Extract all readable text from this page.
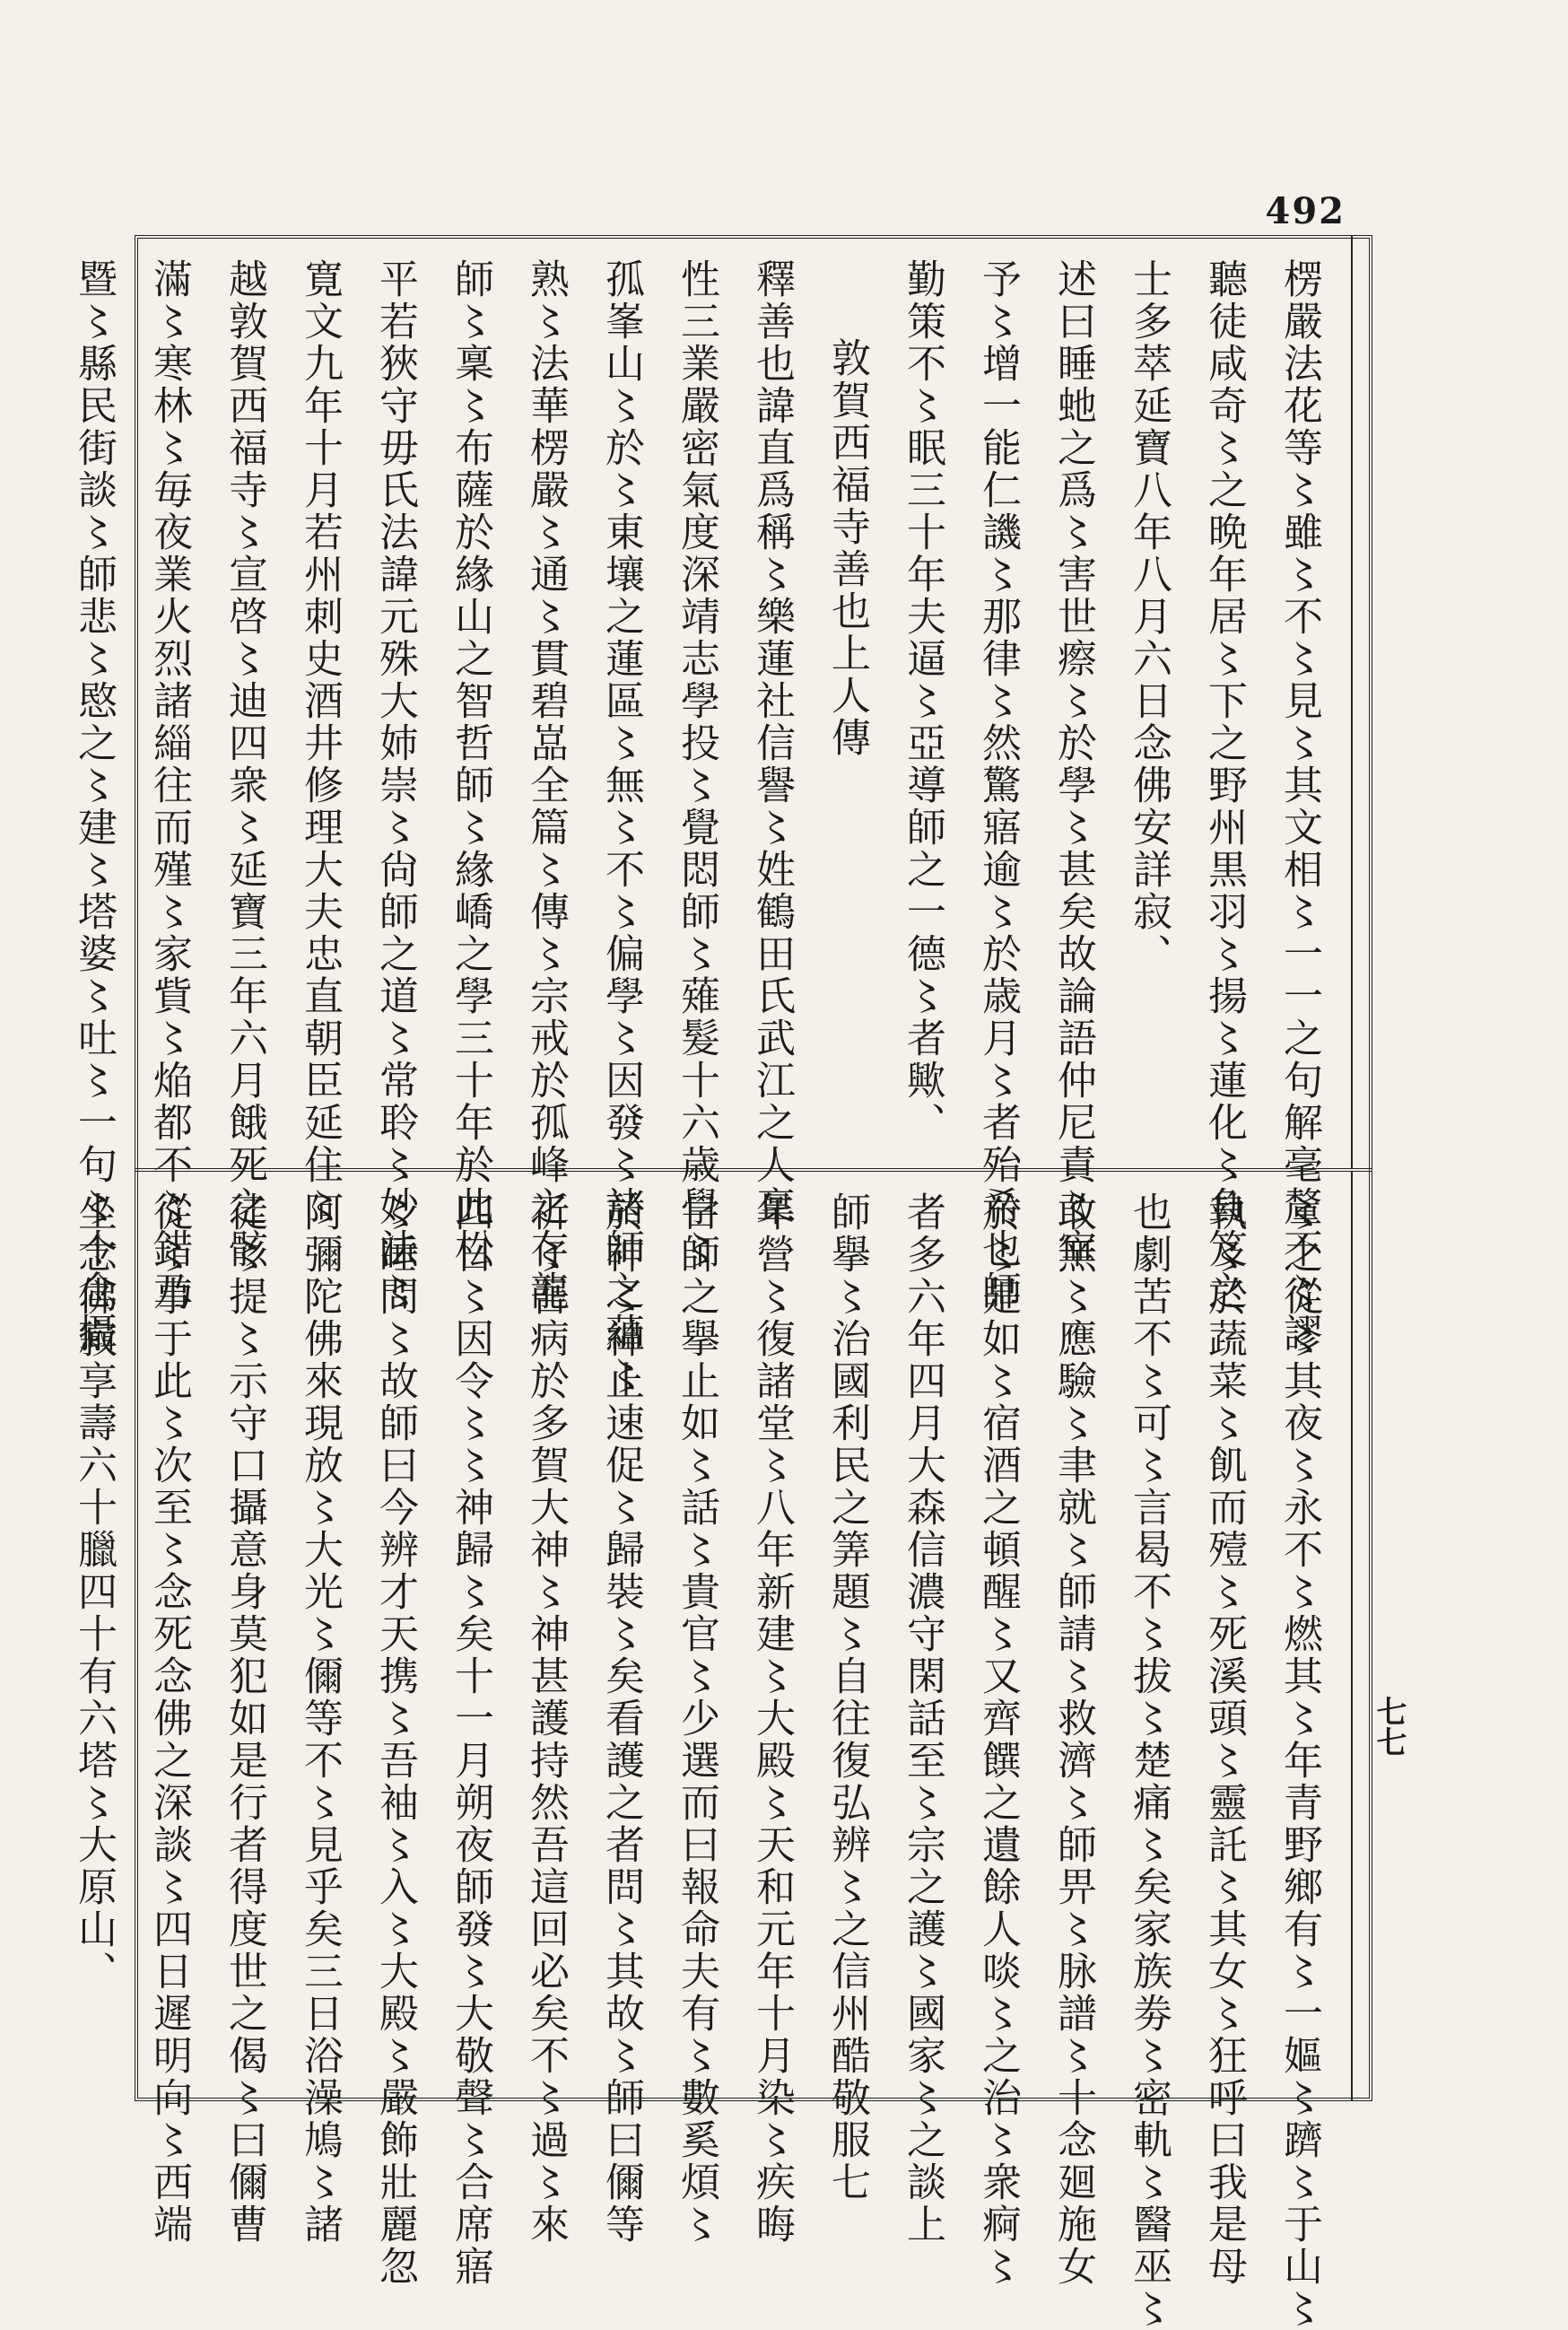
492
七七
楞嚴法花等〻雖〻不〻見〻其文相〻一一之句解毫釐不〻謬
聽徒咸奇〻之晩年居〻下之野州黒羽〻揚〻蓮化〻負笈之
士多萃延寶八年八月六日念佛安詳寂、
述曰睡虵之爲〻害世瘵〻於學〻甚矣故論語仲尼責〻宰
予〻增一能仁譏〻那律〻然驚寤逾〻於歳月〻者殆希也師
勤策不〻眠三十年夫逼〻亞導師之一德〻者歟、
敦賀西福寺善也上人傳
釋善也諱直爲稱〻樂蓮社信譽〻姓鶴田氏武江之人稟
性三業嚴密氣度深靖志學投〻覺悶師〻薙髮十六歳學〻
孤峯山〻於〻東壤之蓮區〻無〻不〻偏學〻因發〻諸師之蘊〻
熟〻法華楞嚴〻通〻貫碧嵓全篇〻傳〻宗戒於孤峰之存龍
師〻稟〻布薩於緣山之智哲師〻緣嶠之學三十年於此松
平若狹守毋氏法諱元殊大姉崇〻尙師之道〻常聆〻妙法〻
寛文九年十月若州刺史酒井修理大夫忠直朝臣延住〻
越敦賀西福寺〻宣啓〻迪四衆〻延寶三年六月餓死之骸
滿〻寒林〻毎夜業火烈諸緇往而殣〻家貲〻焔都不〻錯乃
暨〻縣民街談〻師悲〻愍之〻建〻塔婆〻吐〻一句〻十念攝
〻之從〻其夜〻永不〻燃其〻年青野鄉有〻一嫗〻躋〻于山〻
執〻於蔬菜〻飢而殪〻死溪頭〻靈託〻其女〻狂呼曰我是母
也劇苦不〻可〻言曷不〻拔〻楚痛〻矣家族劵〻密軌〻醫巫〻
敢無〻應驗〻聿就〻師請〻救濟〻師畀〻脉譜〻十念廻施女
於〻是如〻宿酒之頓醒〻又齊饌之遺餘人啖〻之治〻衆痾〻
者多六年四月大森信濃守閑話至〻宗之護〻國家〻之談上
師擧〻治國利民之筭題〻自往復弘辨〻之信州酷敬服七
年營〻復諸堂〻八年新建〻大殿〻天和元年十月染〻疾晦
日師之擧止如〻話〻貴官〻少選而曰報命夫有〻數奚煩〻
於神〻神止速促〻歸裝〻矣看護之者問〻其故〻師曰儞等
祈〻吾病於多賀大神〻神甚護持然吾這回必矣不〻過〻來
四日〻因令〻〻神歸〻矣十一月朔夜師發〻大敬聲〻合席寤
〻睡問〻故師曰今辨才天携〻吾袖〻入〻大殿〻嚴飾壯麗忽
阿彌陀佛來現放〻大光〻儞等不〻見乎矣三日浴澡鳩〻諸
徒〻提〻示守口攝意身莫犯如是行者得度世之偈〻曰儞曹
從〻事于此〻次至〻念死念佛之深談〻四日遲明向〻西端
坐念佛寂享壽六十臘四十有六塔〻大原山、
